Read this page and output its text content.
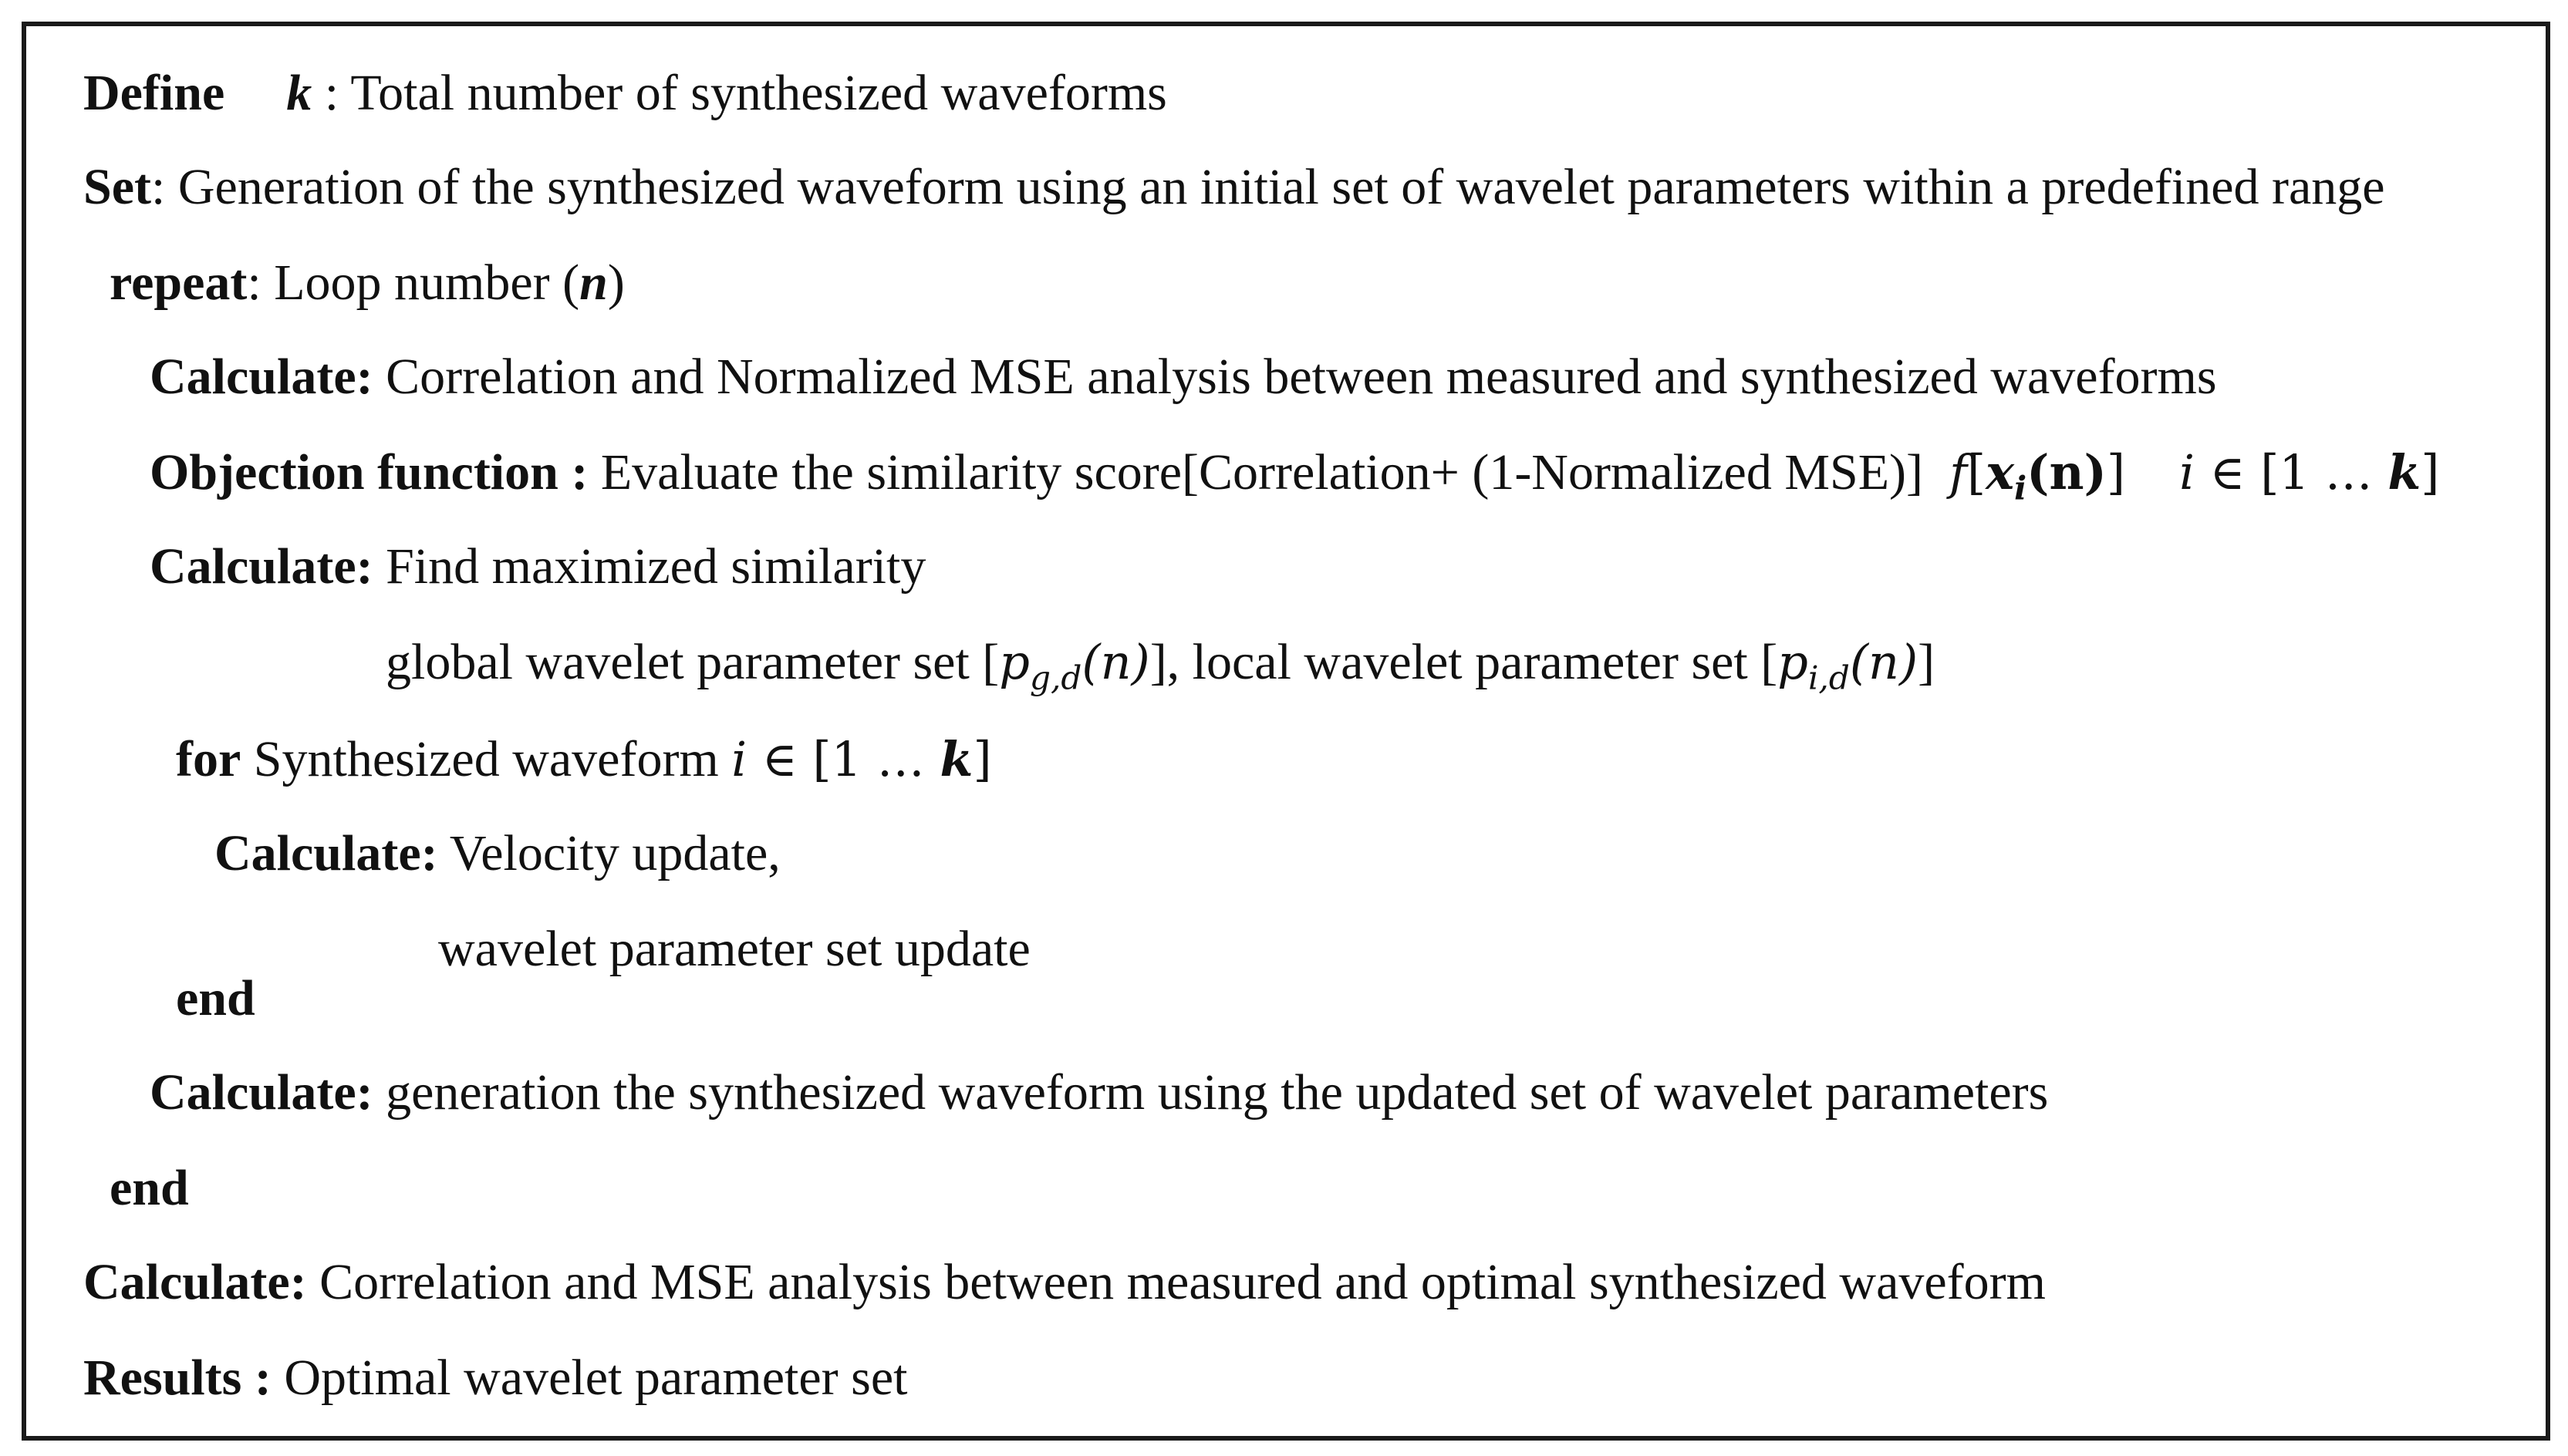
Define k : Total number of synthesized waveforms
Set: Generation of the synthesized waveform using an initial set of wavelet parameters within a predefined range
repeat: Loop number (n)
Calculate: Correlation and Normalized MSE analysis between measured and synthesized waveforms
Objection function : Evaluate the similarity score[Correlation+ (1-Normalized MSE)] $f[x_i(n)]$ i ∈ [1 … k]
Calculate: Find maximized similarity
global wavelet parameter set $[p_{g,d}(n)]$, local wavelet parameter set $[p_{i,d}(n)]$
for Synthesized waveform i ∈ [1 … k]
Calculate: Velocity update,
wavelet parameter set update
end
Calculate: generation the synthesized waveform using the updated set of wavelet parameters
end
Calculate: Correlation and MSE analysis between measured and optimal synthesized waveform
Results : Optimal wavelet parameter set
